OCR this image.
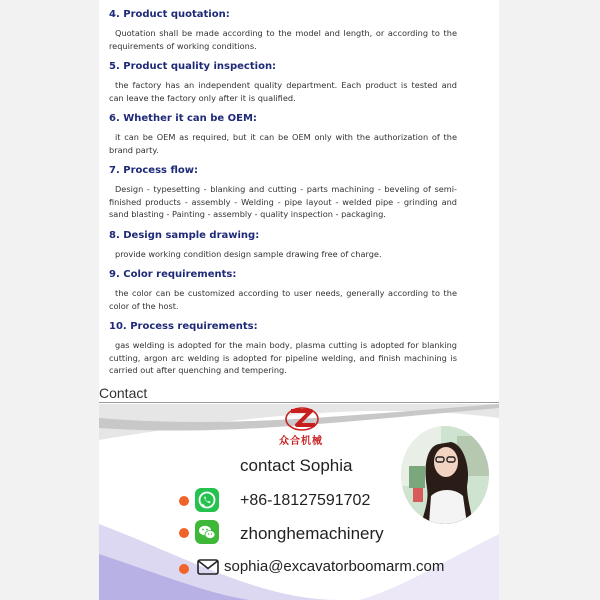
4. Product quotation:
Quotation shall be made according to the model and length, or according to the requirements of working conditions.
5. Product quality inspection:
the factory has an independent quality department. Each product is tested and can leave the factory only after it is qualified.
6. Whether it can be OEM:
it can be OEM as required, but it can be OEM only with the authorization of the brand party.
7. Process flow:
Design - typesetting - blanking and cutting - parts machining - beveling of semi-finished products - assembly - Welding - pipe layout - welded pipe - grinding and sand blasting - Painting - assembly - quality inspection - packaging.
8. Design sample drawing:
provide working condition design sample drawing free of charge.
9. Color requirements:
the color can be customized according to user needs, generally according to the color of the host.
10. Process requirements:
gas welding is adopted for the main body, plasma cutting is adopted for blanking cutting, argon arc welding is adopted for pipeline welding, and finish machining is carried out after quenching and tempering.
Contact
众合机械
contact Sophia
+86-18127591702
zhonghemachinery
sophia@excavatorboomarm.com
